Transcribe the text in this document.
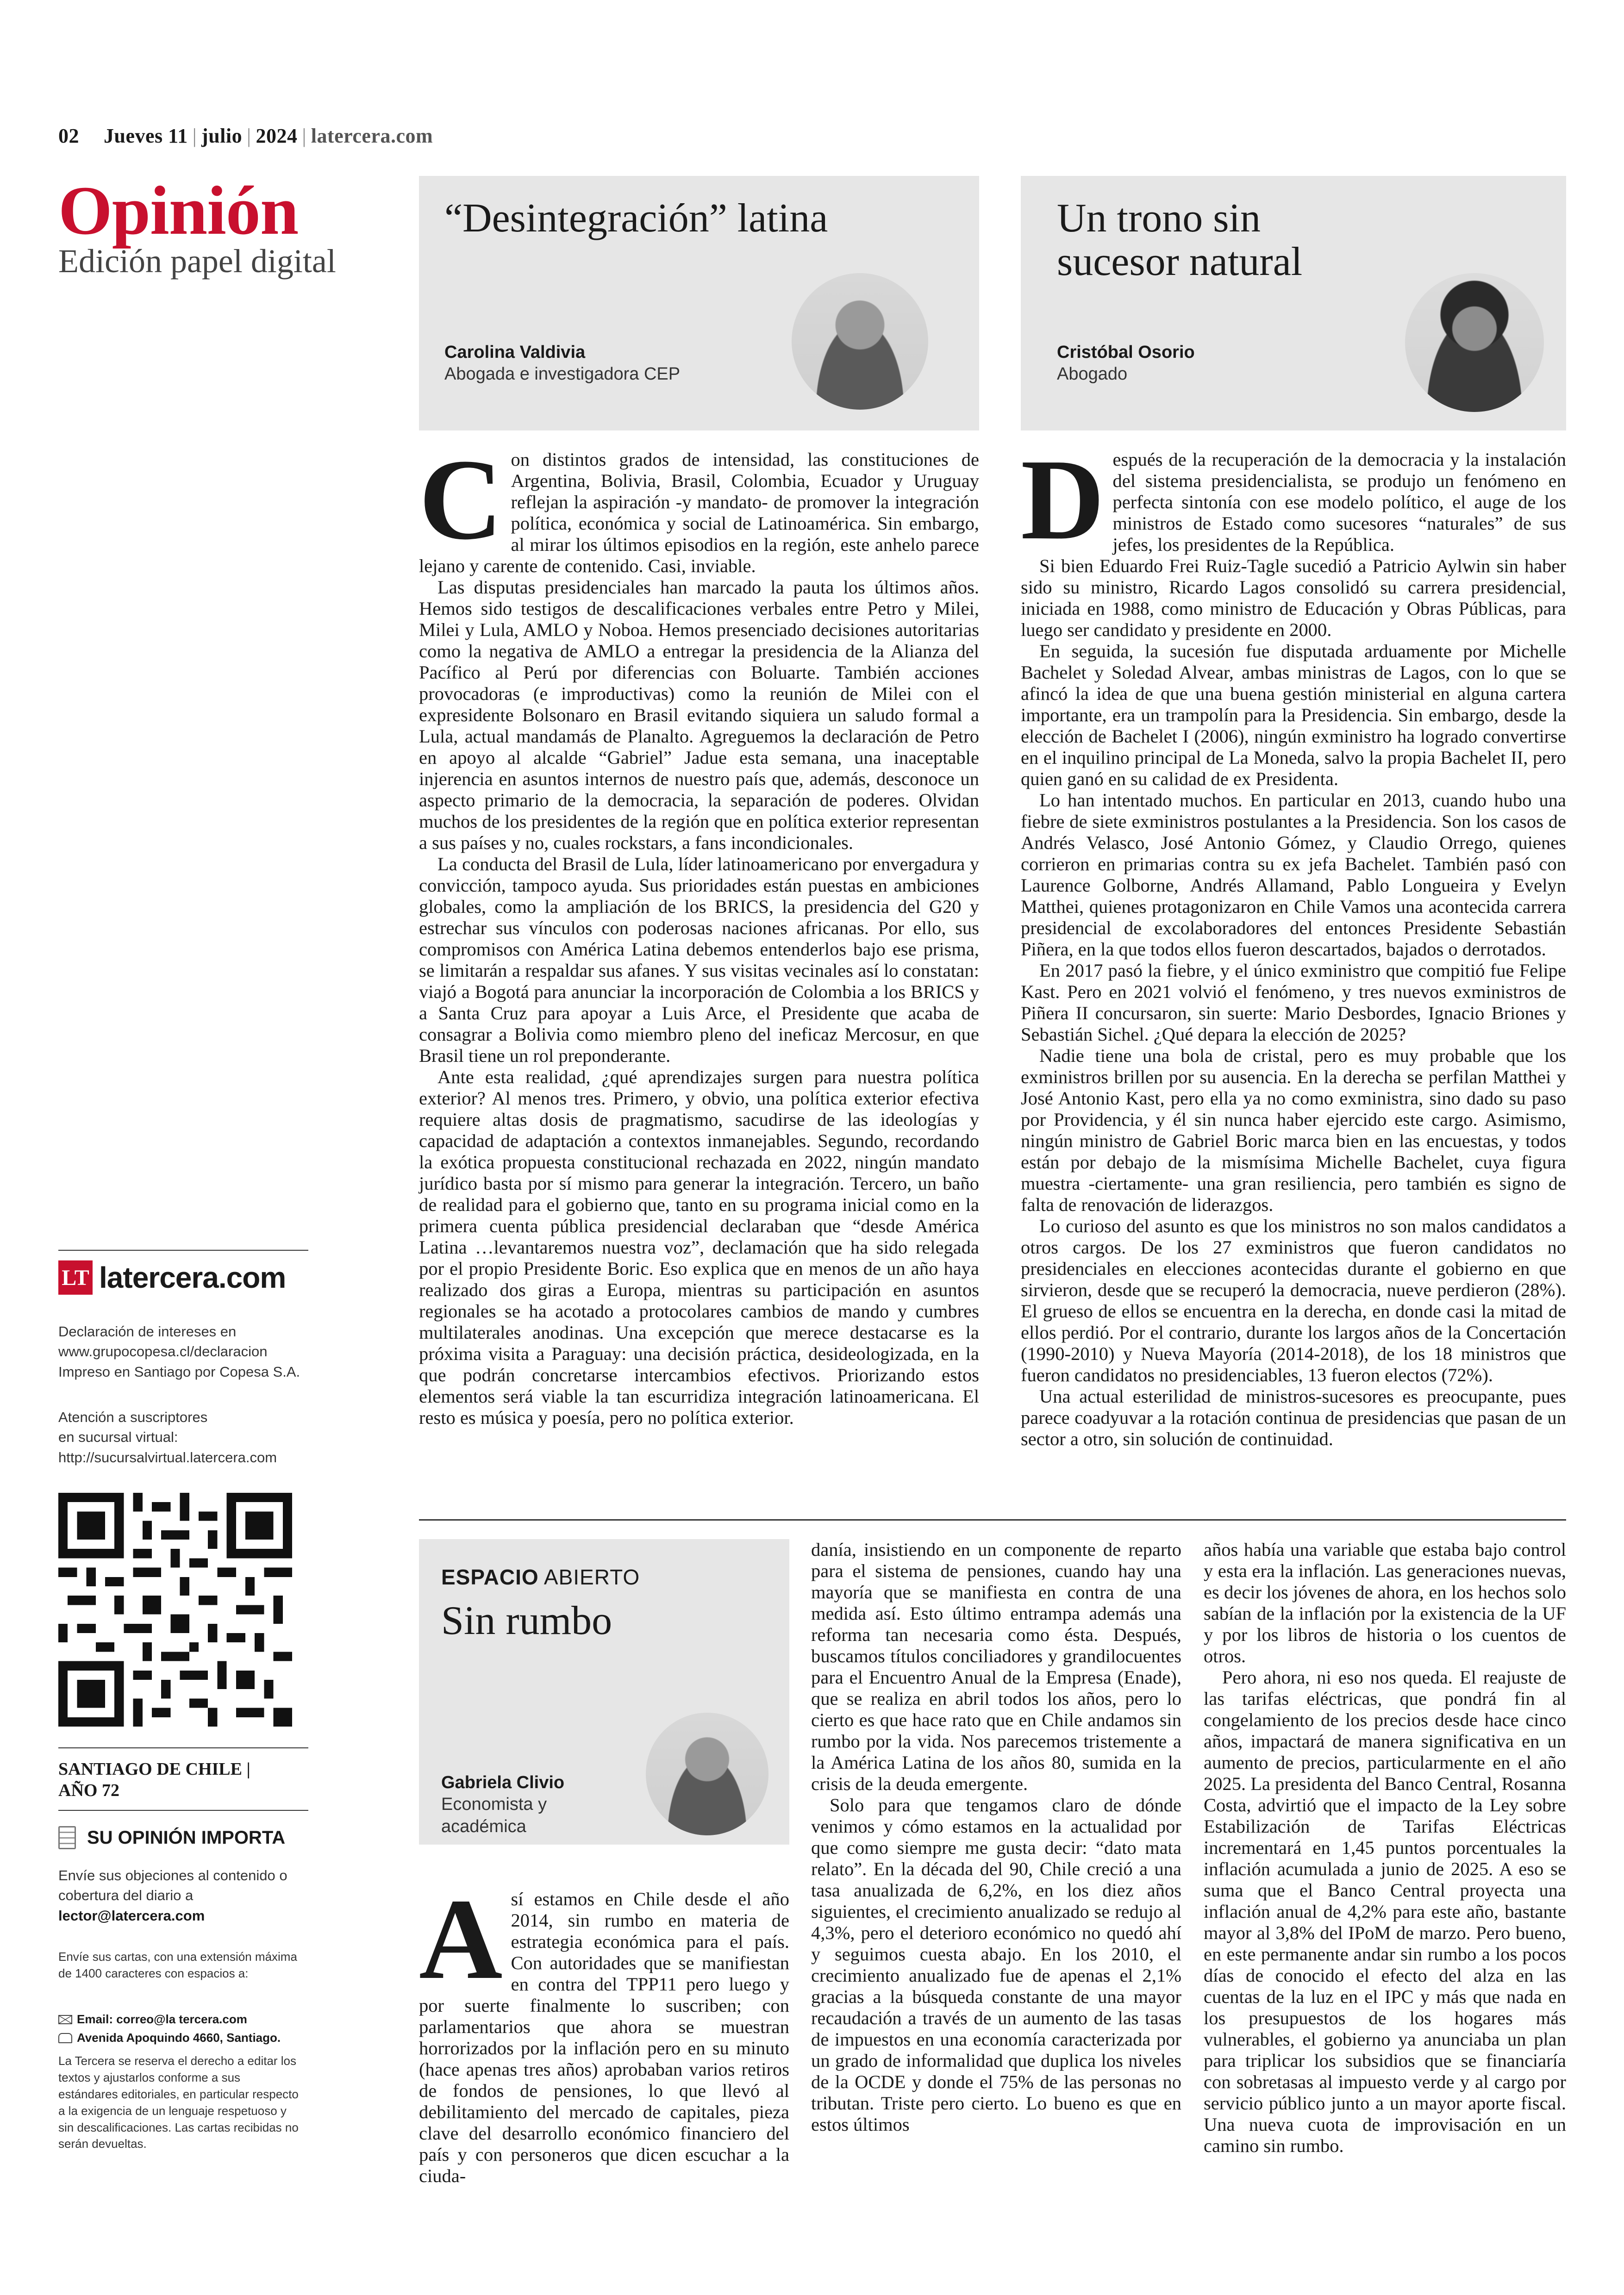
02 Jueves 11 | julio | 2024 | latercera.com
Opinión
Edición papel digital
“Desintegración” latina
Carolina Valdivia
Abogada e investigadora CEP
Un trono sin
sucesor natural
Cristóbal Osorio
Abogado
C on distintos grados de intensidad, las constituciones de Argentina, Bolivia, Brasil, Colombia, Ecuador y Uruguay reflejan la aspiración -y mandato- de promover la integración política, económica y social de Latinoamérica. Sin embargo, al mirar los últimos episodios en la región, este anhelo parece lejano y carente de contenido. Casi, inviable.

Las disputas presidenciales han marcado la pauta los últimos años. Hemos sido testigos de descalificaciones verbales entre Petro y Milei, Milei y Lula, AMLO y Noboa. Hemos presenciado decisiones autoritarias como la negativa de AMLO a entregar la presidencia de la Alianza del Pacífico al Perú por diferencias con Boluarte. También acciones provocadoras (e improductivas) como la reunión de Milei con el expresidente Bolsonaro en Brasil evitando siquiera un saludo formal a Lula, actual mandamás de Planalto. Agreguemos la declaración de Petro en apoyo al alcalde “Gabriel” Jadue esta semana, una inaceptable injerencia en asuntos internos de nuestro país que, además, desconoce un aspecto primario de la democracia, la separación de poderes. Olvidan muchos de los presidentes de la región que en política exterior representan a sus países y no, cuales rockstars, a fans incondicionales.

La conducta del Brasil de Lula, líder latinoamericano por envergadura y convicción, tampoco ayuda. Sus prioridades están puestas en ambiciones globales, como la ampliación de los BRICS, la presidencia del G20 y estrechar sus vínculos con poderosas naciones africanas. Por ello, sus compromisos con América Latina debemos entenderlos bajo ese prisma, se limitarán a respaldar sus afanes. Y sus visitas vecinales así lo constatan: viajó a Bogotá para anunciar la incorporación de Colombia a los BRICS y a Santa Cruz para apoyar a Luis Arce, el Presidente que acaba de consagrar a Bolivia como miembro pleno del ineficaz Mercosur, en que Brasil tiene un rol preponderante.

Ante esta realidad, ¿qué aprendizajes surgen para nuestra política exterior? Al menos tres. Primero, y obvio, una política exterior efectiva requiere altas dosis de pragmatismo, sacudirse de las ideologías y capacidad de adaptación a contextos inmanejables. Segundo, recordando la exótica propuesta constitucional rechazada en 2022, ningún mandato jurídico basta por sí mismo para generar la integración. Tercero, un baño de realidad para el gobierno que, tanto en su programa inicial como en la primera cuenta pública presidencial declaraban que “desde América Latina …levantaremos nuestra voz”, declamación que ha sido relegada por el propio Presidente Boric. Eso explica que en menos de un año haya realizado dos giras a Europa, mientras su participación en asuntos regionales se ha acotado a protocolares cambios de mando y cumbres multilaterales anodinas. Una excepción que merece destacarse es la próxima visita a Paraguay: una decisión práctica, desideologizada, en la que podrán concretarse intercambios efectivos. Priorizando estos elementos será viable la tan escurridiza integración latinoamericana. El resto es música y poesía, pero no política exterior.

D espués de la recuperación de la democracia y la instalación del sistema presidencialista, se produjo un fenómeno en perfecta sintonía con ese modelo político, el auge de los ministros de Estado como sucesores “naturales” de sus jefes, los presidentes de la República.

Si bien Eduardo Frei Ruiz-Tagle sucedió a Patricio Aylwin sin haber sido su ministro, Ricardo Lagos consolidó su carrera presidencial, iniciada en 1988, como ministro de Educación y Obras Públicas, para luego ser candidato y presidente en 2000.

En seguida, la sucesión fue disputada arduamente por Michelle Bachelet y Soledad Alvear, ambas ministras de Lagos, con lo que se afincó la idea de que una buena gestión ministerial en alguna cartera importante, era un trampolín para la Presidencia. Sin embargo, desde la elección de Bachelet I (2006), ningún exministro ha logrado convertirse en el inquilino principal de La Moneda, salvo la propia Bachelet II, pero quien ganó en su calidad de ex Presidenta.

Lo han intentado muchos. En particular en 2013, cuando hubo una fiebre de siete exministros postulantes a la Presidencia. Son los casos de Andrés Velasco, José Antonio Gómez, y Claudio Orrego, quienes corrieron en primarias contra su ex jefa Bachelet. También pasó con Laurence Golborne, Andrés Allamand, Pablo Longueira y Evelyn Matthei, quienes protagonizaron en Chile Vamos una acontecida carrera presidencial de excolaboradores del entonces Presidente Sebastián Piñera, en la que todos ellos fueron descartados, bajados o derrotados.

En 2017 pasó la fiebre, y el único exministro que compitió fue Felipe Kast. Pero en 2021 volvió el fenómeno, y tres nuevos exministros de Piñera II concursaron, sin suerte: Mario Desbordes, Ignacio Briones y Sebastián Sichel. ¿Qué depara la elección de 2025?

Nadie tiene una bola de cristal, pero es muy probable que los exministros brillen por su ausencia. En la derecha se perfilan Matthei y José Antonio Kast, pero ella ya no como exministra, sino dado su paso por Providencia, y él sin nunca haber ejercido este cargo. Asimismo, ningún ministro de Gabriel Boric marca bien en las encuestas, y todos están por debajo de la mismísima Michelle Bachelet, cuya figura muestra -ciertamente- una gran resiliencia, pero también es signo de falta de renovación de liderazgos.

Lo curioso del asunto es que los ministros no son malos candidatos a otros cargos. De los 27 exministros que fueron candidatos no presidenciales en elecciones acontecidas durante el gobierno en que sirvieron, desde que se recuperó la democracia, nueve perdieron (28%). El grueso de ellos se encuentra en la derecha, en donde casi la mitad de ellos perdió. Por el contrario, durante los largos años de la Concertación (1990-2010) y Nueva Mayoría (2014-2018), de los 18 ministros que fueron candidatos no presidenciables, 13 fueron electos (72%).

Una actual esterilidad de ministros-sucesores es preocupante, pues parece coadyuvar a la rotación continua de presidencias que pasan de un sector a otro, sin solución de continuidad.

ESPACIO ABIERTO
Sin rumbo
Gabriela Clivio
Economista y
académica
A sí estamos en Chile desde el año 2014, sin rumbo en materia de estrategia económica para el país. Con autoridades que se manifiestan en contra del TPP11 pero luego y por suerte finalmente lo suscriben; con parlamentarios que ahora se muestran horrorizados por la inflación pero en su minuto (hace apenas tres años) aprobaban varios retiros de fondos de pensiones, lo que llevó al debilitamiento del mercado de capitales, pieza clave del desarrollo económico financiero del país y con personeros que dicen escuchar a la ciuda-

danía, insistiendo en un componente de reparto para el sistema de pensiones, cuando hay una mayoría que se manifiesta en contra de una medida así. Esto último entrampa además una reforma tan necesaria como ésta. Después, buscamos títulos conciliadores y grandilocuentes para el Encuentro Anual de la Empresa (Enade), que se realiza en abril todos los años, pero lo cierto es que hace rato que en Chile andamos sin rumbo por la vida. Nos parecemos tristemente a la América Latina de los años 80, sumida en la crisis de la deuda emergente.

Solo para que tengamos claro de dónde venimos y cómo estamos en la actualidad por que como siempre me gusta decir: “dato mata relato”. En la década del 90, Chile creció a una tasa anualizada de 6,2%, en los diez años siguientes, el crecimiento anualizado se redujo al 4,3%, pero el deterioro económico no quedó ahí y seguimos cuesta abajo. En los 2010, el crecimiento anualizado fue de apenas el 2,1% gracias a la búsqueda constante de una mayor recaudación a través de un aumento de las tasas de impuestos en una economía caracterizada por un grado de informalidad que duplica los niveles de la OCDE y donde el 75% de las personas no tributan. Triste pero cierto. Lo bueno es que en estos últimos

años había una variable que estaba bajo control y esta era la inflación. Las generaciones nuevas, es decir los jóvenes de ahora, en los hechos solo sabían de la inflación por la existencia de la UF y por los libros de historia o los cuentos de otros.

Pero ahora, ni eso nos queda. El reajuste de las tarifas eléctricas, que pondrá fin al congelamiento de los precios desde hace cinco años, impactará de manera significativa en un aumento de precios, particularmente en el año 2025. La presidenta del Banco Central, Rosanna Costa, advirtió que el impacto de la Ley sobre Estabilización de Tarifas Eléctricas incrementará en 1,45 puntos porcentuales la inflación acumulada a junio de 2025. A eso se suma que el Banco Central proyecta una inflación anual de 4,2% para este año, bastante mayor al 3,8% del IPoM de marzo. Pero bueno, en este permanente andar sin rumbo a los pocos días de conocido el efecto del alza en las cuentas de la luz en el IPC y más que nada en los presupuestos de los hogares más vulnerables, el gobierno ya anunciaba un plan para triplicar los subsidios que se financiaría con sobretasas al impuesto verde y al cargo por servicio público junto a un mayor aporte fiscal. Una nueva cuota de improvisación en un camino sin rumbo.

LT latercera.com
Declaración de intereses en
www.grupocopesa.cl/declaracion
Impreso en Santiago por Copesa S.A.
Atención a suscriptores
en sucursal virtual:
http://sucursalvirtual.latercera.com
SANTIAGO DE CHILE |
AÑO 72
SU OPINIÓN IMPORTA
Envíe sus objeciones al contenido o
cobertura del diario a
lector@latercera.com
Envíe sus cartas, con una extensión máxima de 1400 caracteres con espacios a:
Email: correo@la tercera.com
Avenida Apoquindo 4660, Santiago.
La Tercera se reserva el derecho a editar los textos y ajustarlos conforme a sus estándares editoriales, en particular respecto a la exigencia de un lenguaje respetuoso y sin descalificaciones. Las cartas recibidas no serán devueltas.
